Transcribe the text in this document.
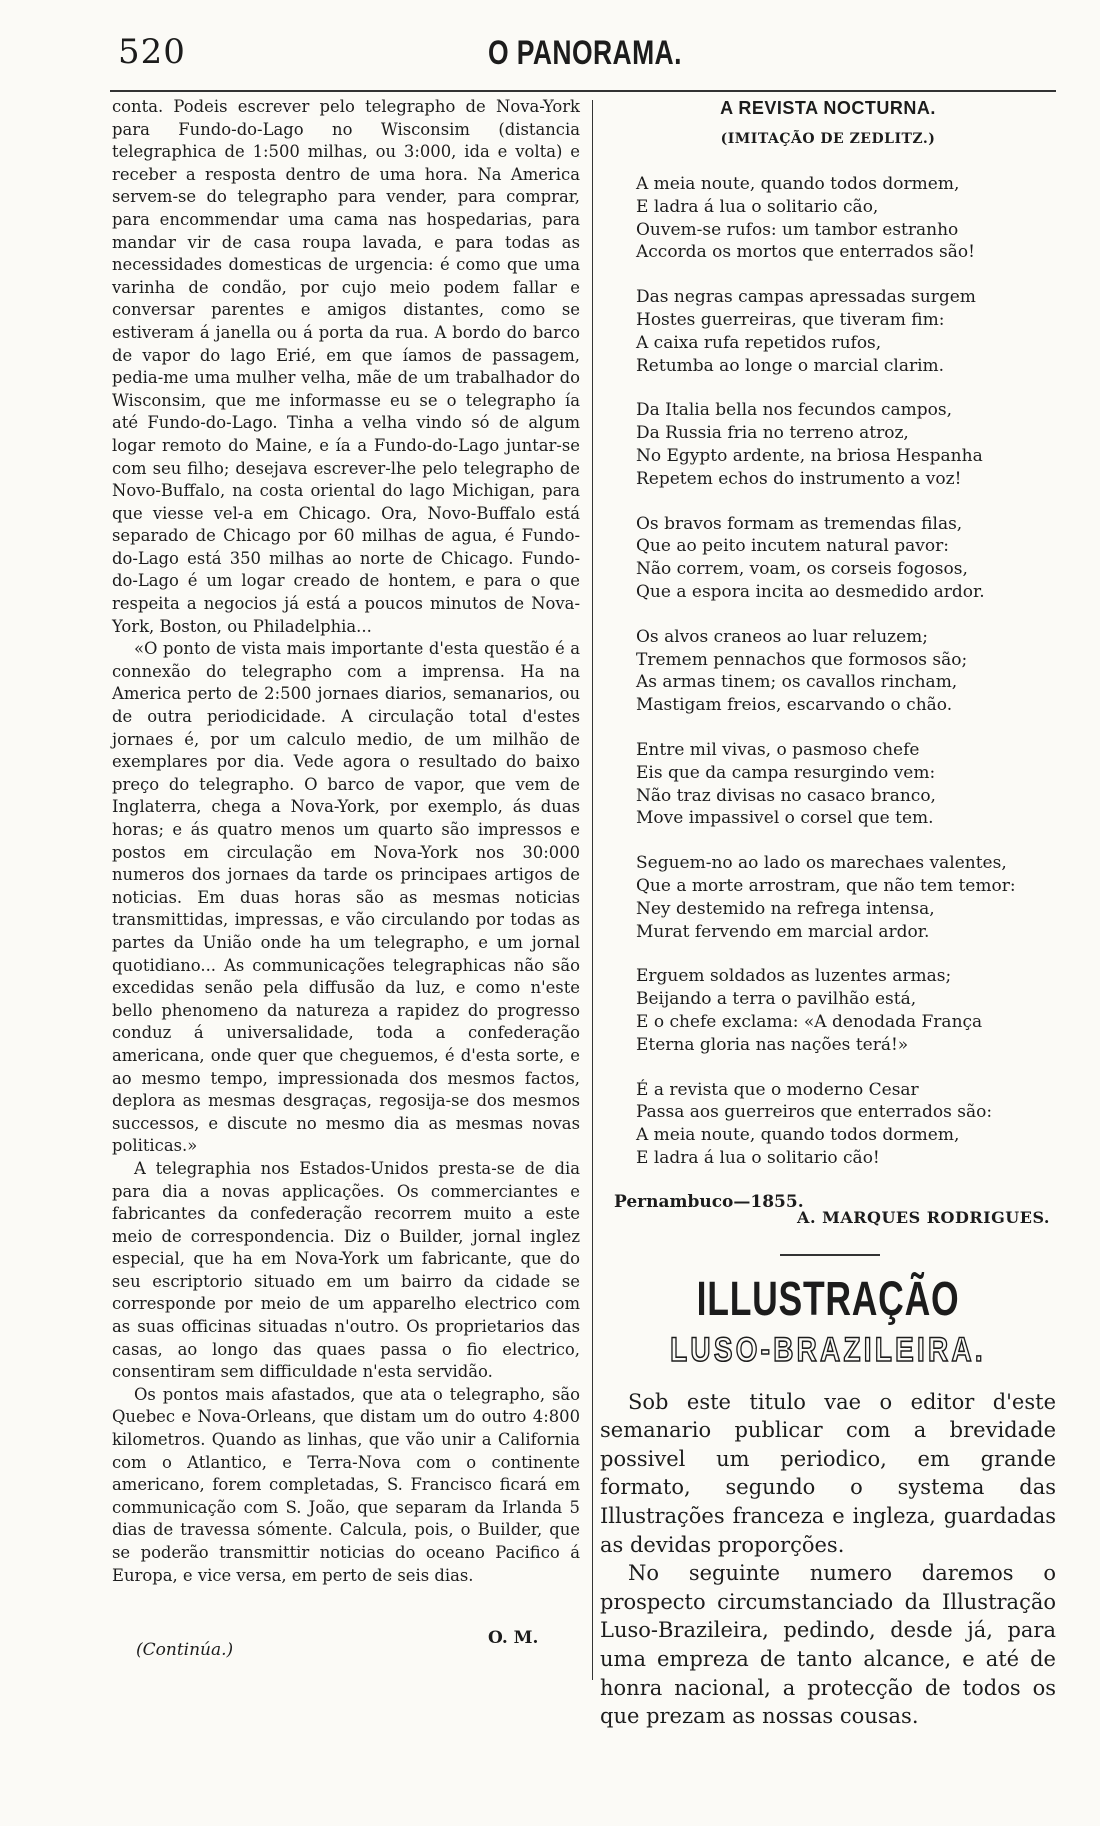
520	O PANORAMA.

conta. Podeis escrever pelo telegrapho de Nova-York para Fundo-do-Lago no Wisconsim (distancia telegraphica de 1:500 milhas, ou 3:000, ida e volta) e receber a resposta dentro de uma hora. Na America servem-se do telegrapho para vender, para comprar, para encommendar uma cama nas hospedarias, para mandar vir de casa roupa lavada, e para todas as necessidades domesticas de urgencia: é como que uma varinha de condão, por cujo meio podem fallar e conversar parentes e amigos distantes, como se estiveram á janella ou á porta da rua. A bordo do barco de vapor do lago Erié, em que íamos de passagem, pedia-me uma mulher velha, mãe de um trabalhador do Wisconsim, que me informasse eu se o telegrapho ía até Fundo-do-Lago. Tinha a velha vindo só de algum logar remoto do Maine, e ía a Fundo-do-Lago juntar-se com seu filho; desejava escrever-lhe pelo telegrapho de Novo-Buffalo, na costa oriental do lago Michigan, para que viesse vel-a em Chicago. Ora, Novo-Buffalo está separado de Chicago por 60 milhas de agua, é Fundo-do-Lago está 350 milhas ao norte de Chicago. Fundo-do-Lago é um logar creado de hontem, e para o que respeita a negocios já está a poucos minutos de Nova-York, Boston, ou Philadelphia...

«O ponto de vista mais importante d'esta questão é a connexão do telegrapho com a imprensa. Ha na America perto de 2:500 jornaes diarios, semanarios, ou de outra periodicidade. A circulação total d'estes jornaes é, por um calculo medio, de um milhão de exemplares por dia. Vede agora o resultado do baixo preço do telegrapho. O barco de vapor, que vem de Inglaterra, chega a Nova-York, por exemplo, ás duas horas; e ás quatro menos um quarto são impressos e postos em circulação em Nova-York nos 30:000 numeros dos jornaes da tarde os principaes artigos de noticias. Em duas horas são as mesmas noticias transmittidas, impressas, e vão circulando por todas as partes da União onde ha um telegrapho, e um jornal quotidiano... As communicações telegraphicas não são excedidas senão pela diffusão da luz, e como n'este bello phenomeno da natureza a rapidez do progresso conduz á universalidade, toda a confederação americana, onde quer que cheguemos, é d'esta sorte, e ao mesmo tempo, impressionada dos mesmos factos, deplora as mesmas desgraças, regosija-se dos mesmos successos, e discute no mesmo dia as mesmas novas politicas.»

A telegraphia nos Estados-Unidos presta-se de dia para dia a novas applicações. Os commerciantes e fabricantes da confederação recorrem muito a este meio de correspondencia. Diz o Builder, jornal inglez especial, que ha em Nova-York um fabricante, que do seu escriptorio situado em um bairro da cidade se corresponde por meio de um apparelho electrico com as suas officinas situadas n'outro. Os proprietarios das casas, ao longo das quaes passa o fio electrico, consentiram sem difficuldade n'esta servidão.

Os pontos mais afastados, que ata o telegrapho, são Quebec e Nova-Orleans, que distam um do outro 4:800 kilometros. Quando as linhas, que vão unir a California com o Atlantico, e Terra-Nova com o continente americano, forem completadas, S. Francisco ficará em communicação com S. João, que separam da Irlanda 5 dias de travessa sómente. Calcula, pois, o Builder, que se poderão transmittir noticias do oceano Pacifico á Europa, e vice versa, em perto de seis dias.

(Continúa.)
O. M.
A REVISTA NOCTURNA.
(IMITAÇÃO DE ZEDLITZ.)
A meia noute, quando todos dormem,
E ladra á lua o solitario cão,
Ouvem-se rufos: um tambor estranho
Accorda os mortos que enterrados são!
Das negras campas apressadas surgem
Hostes guerreiras, que tiveram fim:
A caixa rufa repetidos rufos,
Retumba ao longe o marcial clarim.
Da Italia bella nos fecundos campos,
Da Russia fria no terreno atroz,
No Egypto ardente, na briosa Hespanha
Repetem echos do instrumento a voz!
Os bravos formam as tremendas filas,
Que ao peito incutem natural pavor:
Não correm, voam, os corseis fogosos,
Que a espora incita ao desmedido ardor.
Os alvos craneos ao luar reluzem;
Tremem pennachos que formosos são;
As armas tinem; os cavallos rincham,
Mastigam freios, escarvando o chão.
Entre mil vivas, o pasmoso chefe
Eis que da campa resurgindo vem:
Não traz divisas no casaco branco,
Move impassivel o corsel que tem.
Seguem-no ao lado os marechaes valentes,
Que a morte arrostram, que não tem temor:
Ney destemido na refrega intensa,
Murat fervendo em marcial ardor.
Erguem soldados as luzentes armas;
Beijando a terra o pavilhão está,
E o chefe exclama: «A denodada França
Eterna gloria nas nações terá!»
É a revista que o moderno Cesar
Passa aos guerreiros que enterrados são:
A meia noute, quando todos dormem,
E ladra á lua o solitario cão!
Pernambuco—1855.
A. MARQUES RODRIGUES.
ILLUSTRAÇÃO
LUSO-BRAZILEIRA.

Sob este titulo vae o editor d'este semanario publicar com a brevidade possivel um periodico, em grande formato, segundo o systema das Illustrações franceza e ingleza, guardadas as devidas proporções.

No seguinte numero daremos o prospecto circumstanciado da Illustração Luso-Brazileira, pedindo, desde já, para uma empreza de tanto alcance, e até de honra nacional, a protecção de todos os que prezam as nossas cousas.
